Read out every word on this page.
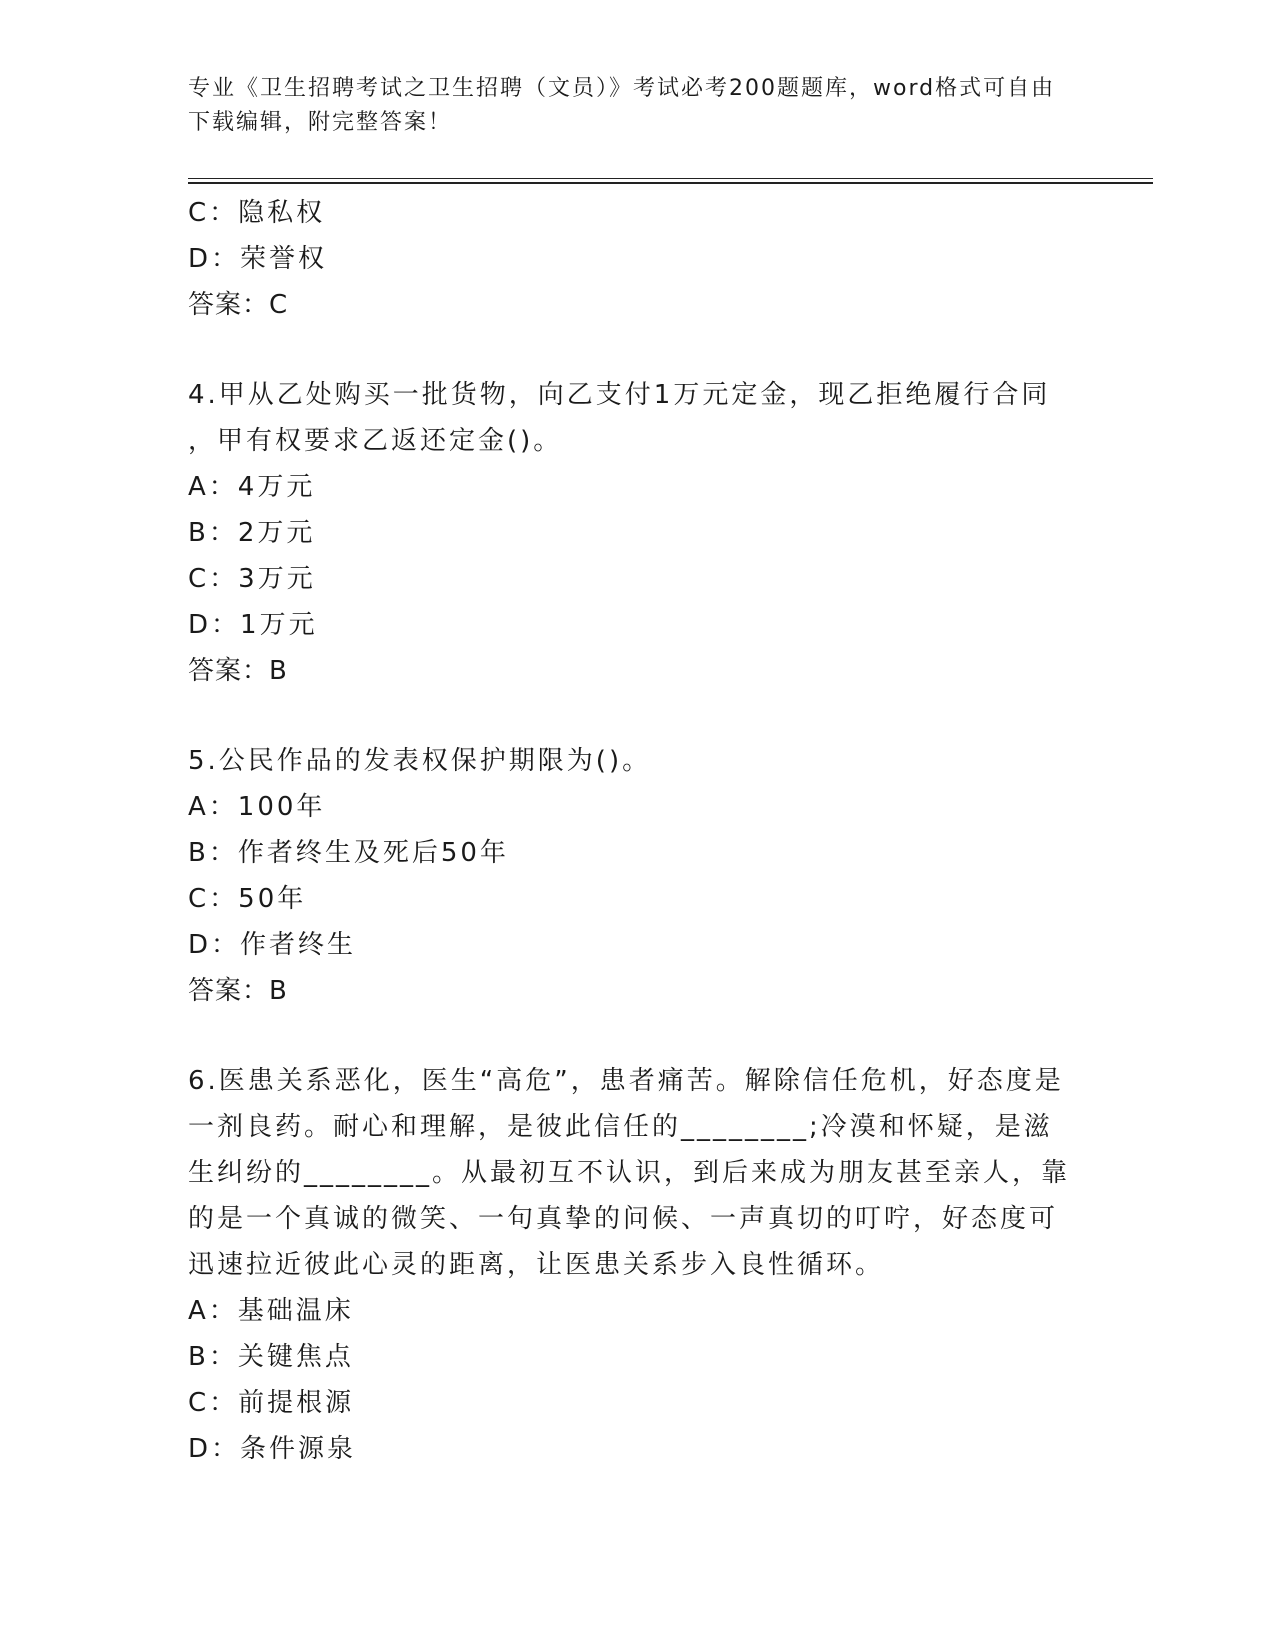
专业《卫生招聘考试之卫生招聘（文员）》考试必考200题题库，word格式可自由下载编辑，附完整答案！
C：隐私权
D：荣誉权
答案：C
4.甲从乙处购买一批货物，向乙支付1万元定金，现乙拒绝履行合同
，甲有权要求乙返还定金()。
A：4万元
B：2万元
C：3万元
D：1万元
答案：B
5.公民作品的发表权保护期限为()。
A：100年
B：作者终生及死后50年
C：50年
D：作者终生
答案：B
6.医患关系恶化，医生“高危”，患者痛苦。解除信任危机，好态度是一剂良药。耐心和理解，是彼此信任的________;冷漠和怀疑，是滋生纠纷的________。从最初互不认识，到后来成为朋友甚至亲人，靠的是一个真诚的微笑、一句真挚的问候、一声真切的叮咛，好态度可迅速拉近彼此心灵的距离，让医患关系步入良性循环。
A：基础温床
B：关键焦点
C：前提根源
D：条件源泉
